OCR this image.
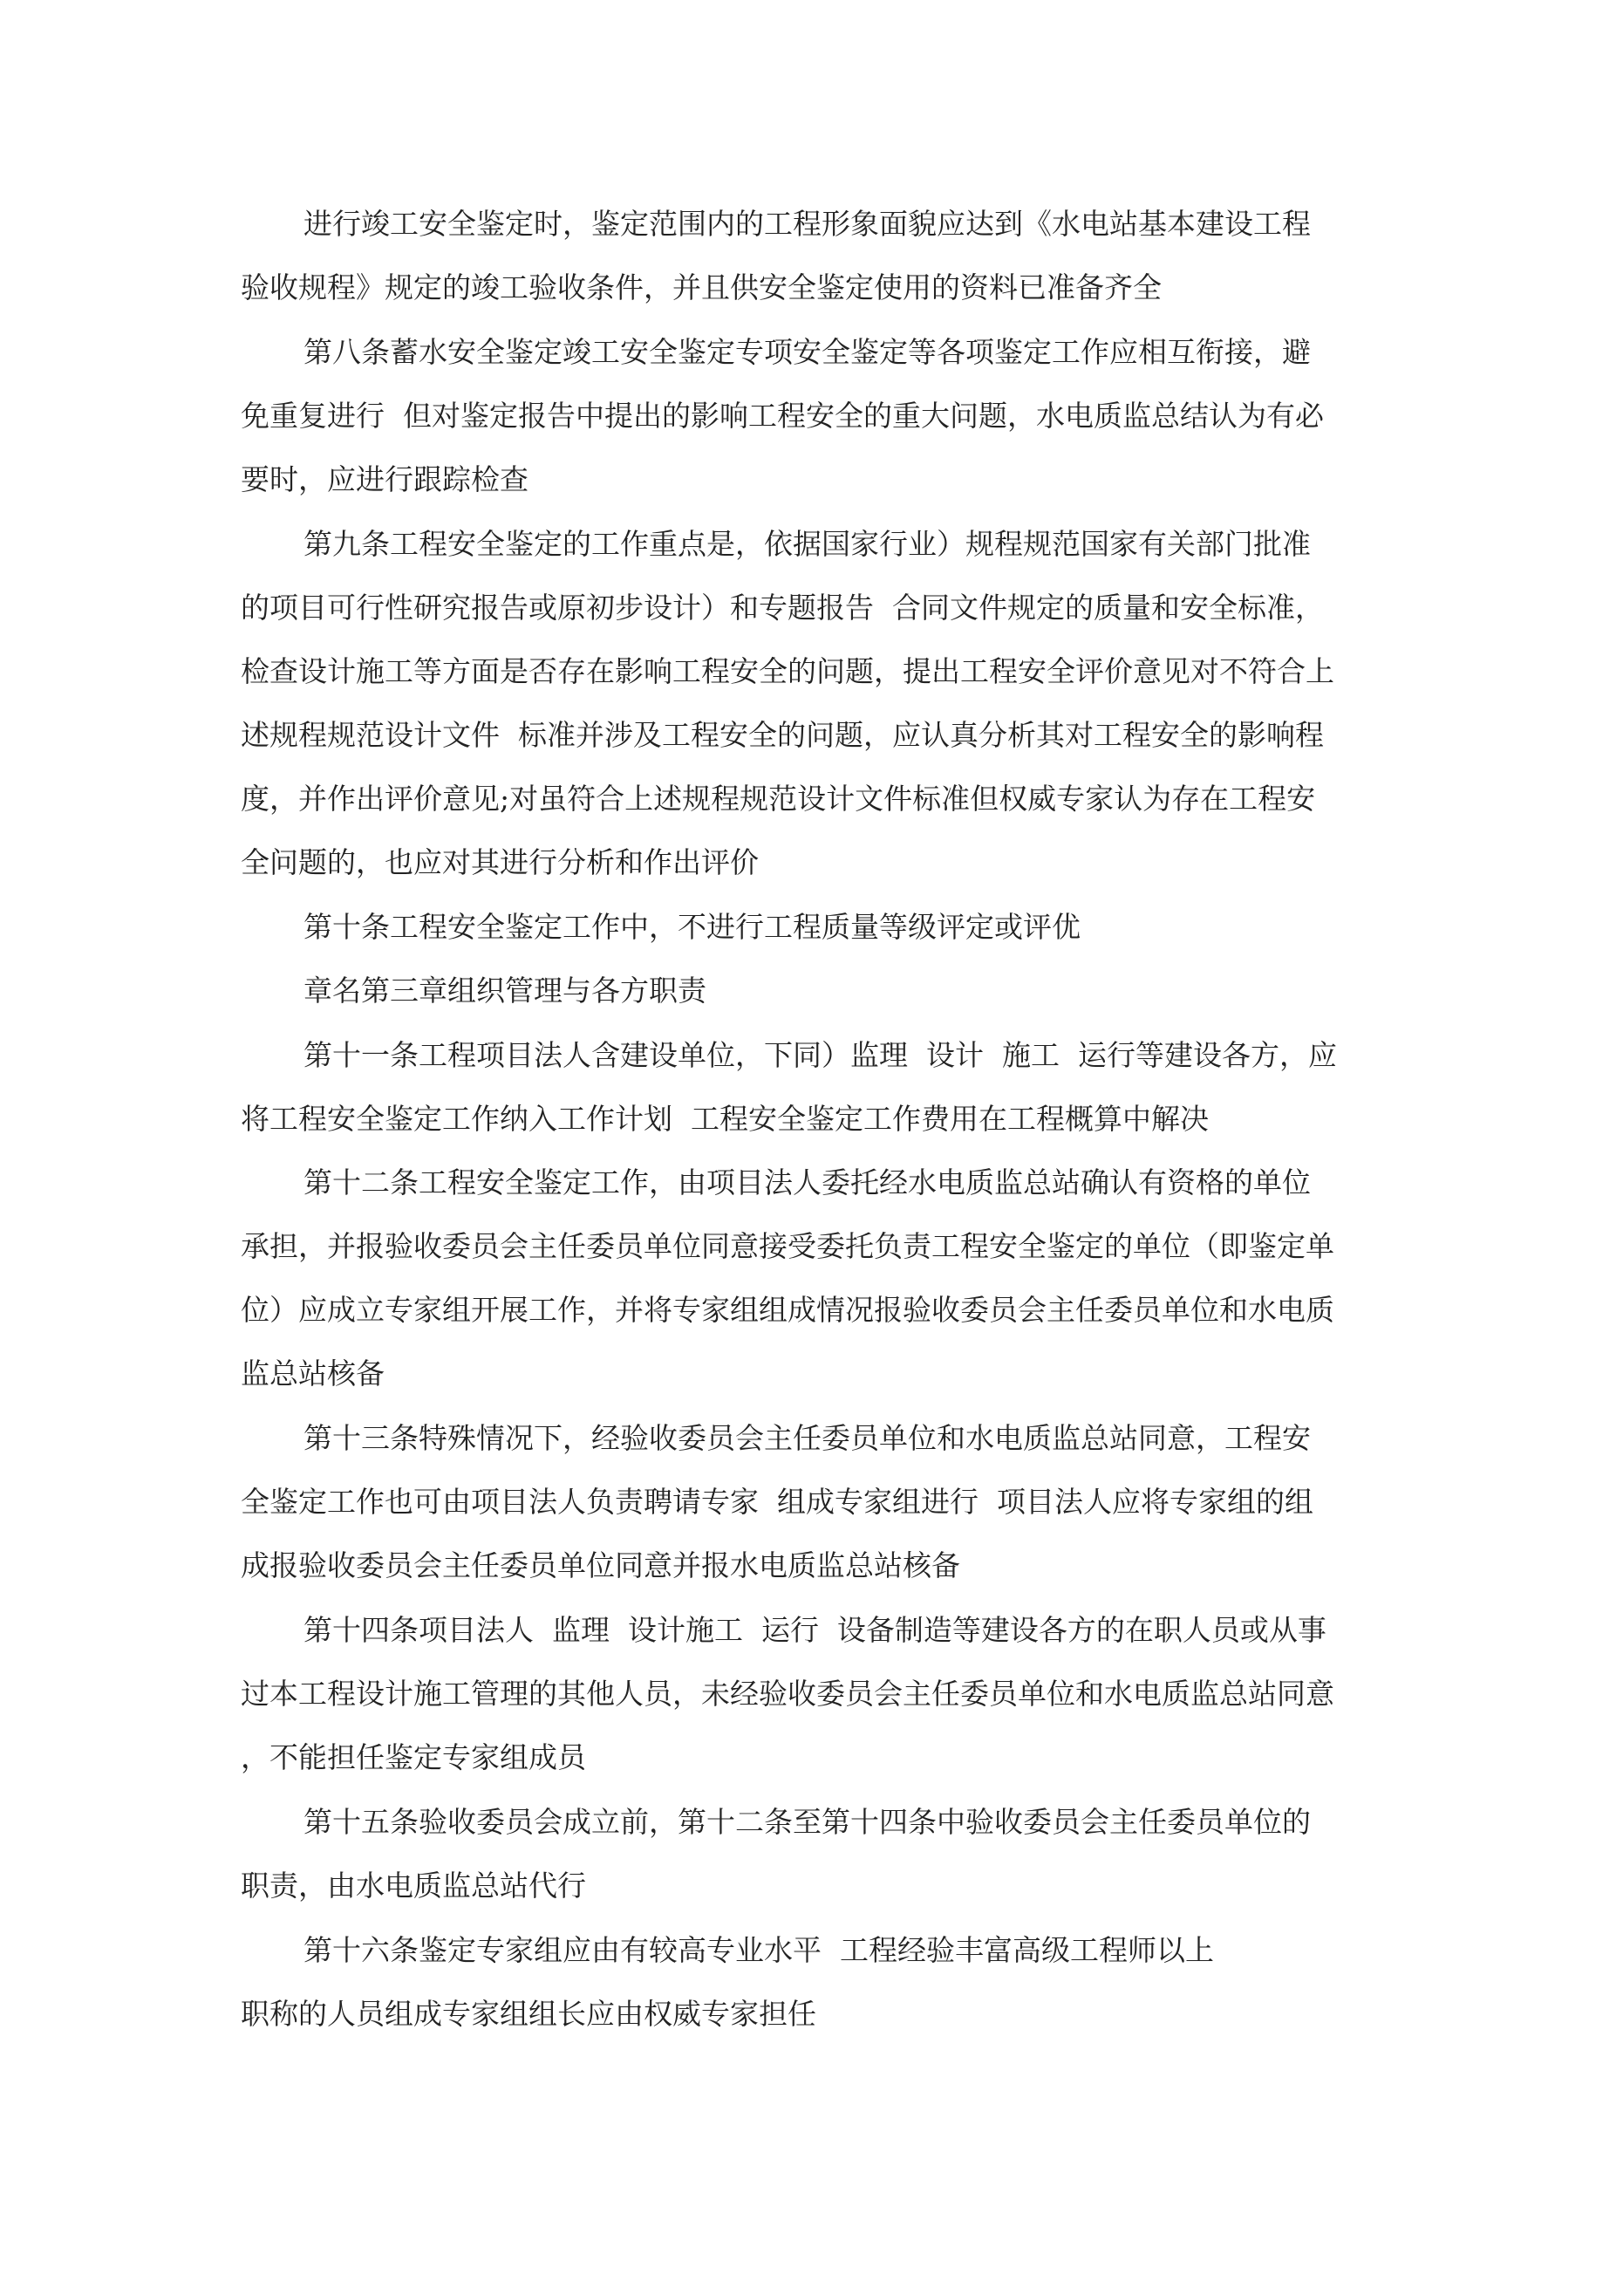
进行竣工安全鉴定时，鉴定范围内的工程形象面貌应达到《水电站基本建设工程

验收规程》规定的竣工验收条件，并且供安全鉴定使用的资料已准备齐全

第八条蓄水安全鉴定竣工安全鉴定专项安全鉴定等各项鉴定工作应相互衔接，避

免重复进行  但对鉴定报告中提出的影响工程安全的重大问题，水电质监总结认为有必

要时，应进行跟踪检查

第九条工程安全鉴定的工作重点是，依据国家行业）规程规范国家有关部门批准

的项目可行性研究报告或原初步设计）和专题报告  合同文件规定的质量和安全标准，

检查设计施工等方面是否存在影响工程安全的问题，提出工程安全评价意见对不符合上

述规程规范设计文件  标准并涉及工程安全的问题，应认真分析其对工程安全的影响程

度，并作出评价意见;对虽符合上述规程规范设计文件标准但权威专家认为存在工程安

全问题的，也应对其进行分析和作出评价

第十条工程安全鉴定工作中，不进行工程质量等级评定或评优

章名第三章组织管理与各方职责

第十一条工程项目法人含建设单位，下同）监理  设计  施工  运行等建设各方，应

将工程安全鉴定工作纳入工作计划  工程安全鉴定工作费用在工程概算中解决

第十二条工程安全鉴定工作，由项目法人委托经水电质监总站确认有资格的单位

承担，并报验收委员会主任委员单位同意接受委托负责工程安全鉴定的单位（即鉴定单

位）应成立专家组开展工作，并将专家组组成情况报验收委员会主任委员单位和水电质

监总站核备

第十三条特殊情况下，经验收委员会主任委员单位和水电质监总站同意，工程安

全鉴定工作也可由项目法人负责聘请专家  组成专家组进行  项目法人应将专家组的组

成报验收委员会主任委员单位同意并报水电质监总站核备

第十四条项目法人  监理  设计施工  运行  设备制造等建设各方的在职人员或从事

过本工程设计施工管理的其他人员，未经验收委员会主任委员单位和水电质监总站同意

，不能担任鉴定专家组成员

第十五条验收委员会成立前，第十二条至第十四条中验收委员会主任委员单位的

职责，由水电质监总站代行

第十六条鉴定专家组应由有较高专业水平  工程经验丰富高级工程师以上

职称的人员组成专家组组长应由权威专家担任
